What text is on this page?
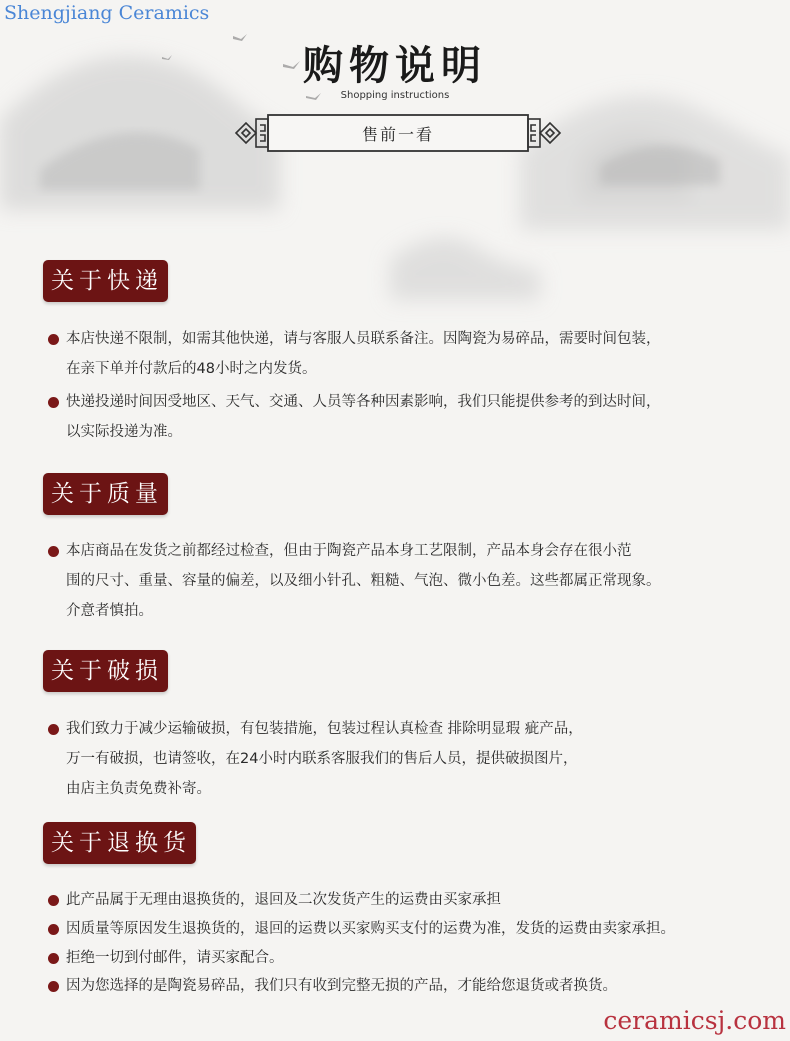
Shengjiang Ceramics
购物说明
Shopping instructions
售前一看
关于快递
本店快递不限制，如需其他快递，请与客服人员联系备注。因陶瓷为易碎品，需要时间包装，
在亲下单并付款后的48小时之内发货。
快递投递时间因受地区、天气、交通、人员等各种因素影响，我们只能提供参考的到达时间，
以实际投递为准。
关于质量
本店商品在发货之前都经过检查，但由于陶瓷产品本身工艺限制，产品本身会存在很小范
围的尺寸、重量、容量的偏差，以及细小针孔、粗糙、气泡、微小色差。这些都属正常现象。
介意者慎拍。
关于破损
我们致力于减少运输破损，有包装措施，包装过程认真检查 排除明显瑕 疵产品，
万一有破损，也请签收，在24小时内联系客服我们的售后人员，提供破损图片，
由店主负责免费补寄。
关于退换货
此产品属于无理由退换货的，退回及二次发货产生的运费由买家承担
因质量等原因发生退换货的，退回的运费以买家购买支付的运费为准，发货的运费由卖家承担。
拒绝一切到付邮件，请买家配合。
因为您选择的是陶瓷易碎品，我们只有收到完整无损的产品，才能给您退货或者换货。
ceramicsj.com
